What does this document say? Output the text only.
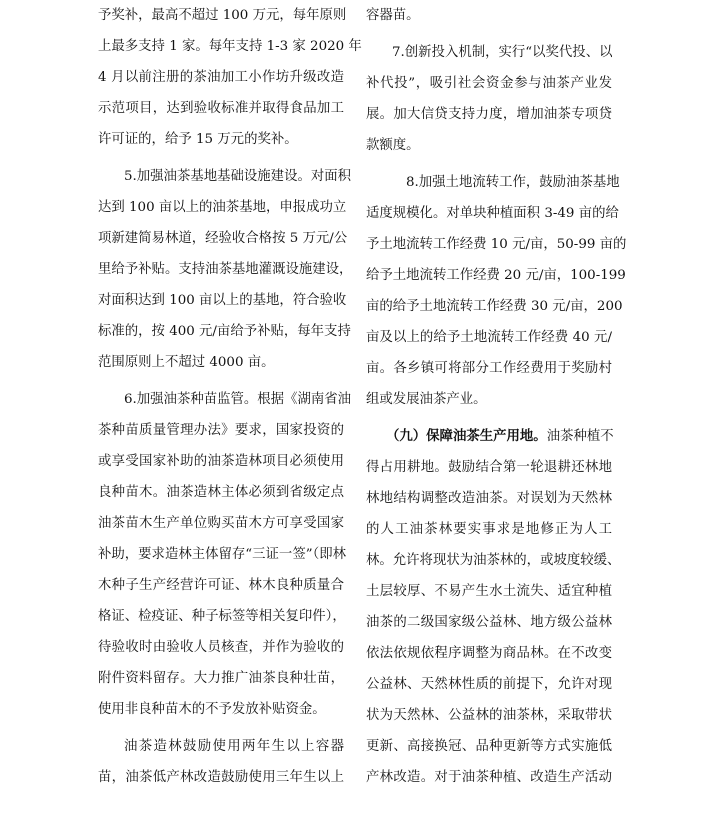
予奖补，最高不超过 100 万元，每年原则

上最多支持 1 家。每年支持 1-3 家 2020 年

4 月以前注册的茶油加工小作坊升级改造

示范项目，达到验收标准并取得食品加工

许可证的，给予 15 万元的奖补。

5.加强油茶基地基础设施建设。对面积

达到 100 亩以上的油茶基地，申报成功立

项新建简易林道，经验收合格按 5 万元/公

里给予补贴。支持油茶基地灌溉设施建设，

对面积达到 100 亩以上的基地，符合验收

标准的，按 400 元/亩给予补贴，每年支持

范围原则上不超过 4000 亩。

6.加强油茶种苗监管。根据《湖南省油

茶种苗质量管理办法》要求，国家投资的

或享受国家补助的油茶造林项目必须使用

良种苗木。油茶造林主体必须到省级定点

油茶苗木生产单位购买苗木方可享受国家

补助，要求造林主体留存“三证一签”（即林

木种子生产经营许可证、林木良种质量合

格证、检疫证、种子标签等相关复印件），

待验收时由验收人员核查，并作为验收的

附件资料留存。大力推广油茶良种壮苗，

使用非良种苗木的不予发放补贴资金。

油茶造林鼓励使用两年生以上容器

苗，油茶低产林改造鼓励使用三年生以上

容器苗。

7.创新投入机制，实行“以奖代投、以

补代投”，吸引社会资金参与油茶产业发

展。加大信贷支持力度，增加油茶专项贷

款额度。

8.加强土地流转工作，鼓励油茶基地

适度规模化。对单块种植面积 3-49 亩的给

予土地流转工作经费 10 元/亩，50-99 亩的

给予土地流转工作经费 20 元/亩，100-199

亩的给予土地流转工作经费 30 元/亩，200

亩及以上的给予土地流转工作经费 40 元/

亩。各乡镇可将部分工作经费用于奖励村

组或发展油茶产业。

（九）保障油茶生产用地。油茶种植不

得占用耕地。鼓励结合第一轮退耕还林地

林地结构调整改造油茶。对误划为天然林

的人工油茶林要实事求是地修正为人工

林。允许将现状为油茶林的，或坡度较缓、

土层较厚、不易产生水土流失、适宜种植

油茶的二级国家级公益林、地方级公益林

依法依规依程序调整为商品林。在不改变

公益林、天然林性质的前提下，允许对现

状为天然林、公益林的油茶林，采取带状

更新、高接换冠、品种更新等方式实施低

产林改造。对于油茶种植、改造生产活动
